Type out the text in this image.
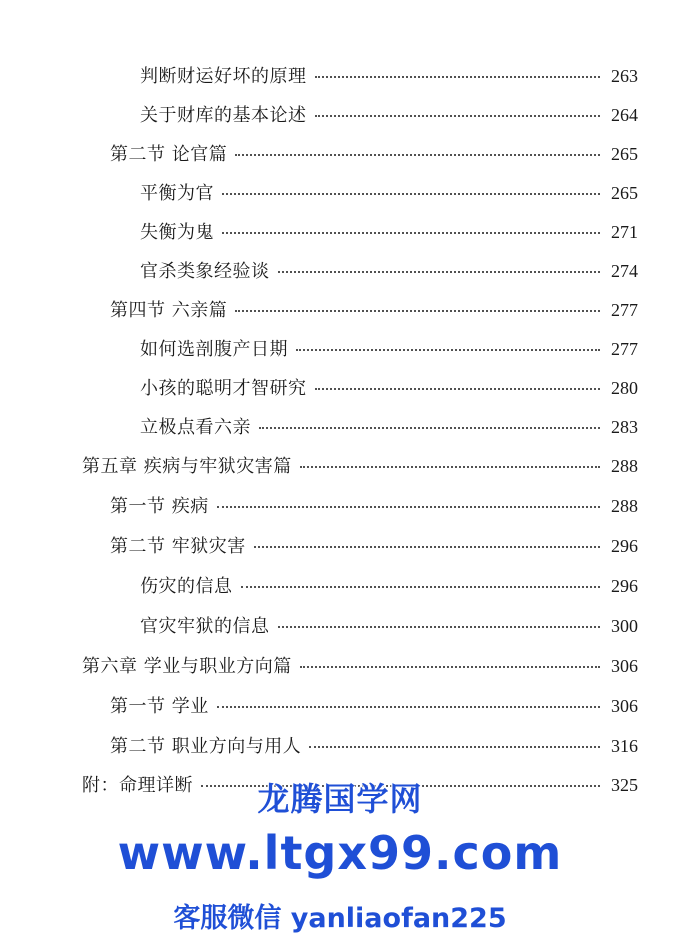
判断财运好坏的原理	263
关于财库的基本论述	264
第二节 论官篇	265
平衡为官	265
失衡为鬼	271
官杀类象经验谈	274
第四节 六亲篇	277
如何选剖腹产日期	277
小孩的聪明才智研究	280
立极点看六亲	283
第五章 疾病与牢狱灾害篇	288
第一节 疾病	288
第二节 牢狱灾害	296
伤灾的信息	296
官灾牢狱的信息	300
第六章 学业与职业方向篇	306
第一节 学业	306
第二节 职业方向与用人	316
附：命理详断	325
龙腾国学网
www.ltgx99.com
客服微信 yanliaofan225
